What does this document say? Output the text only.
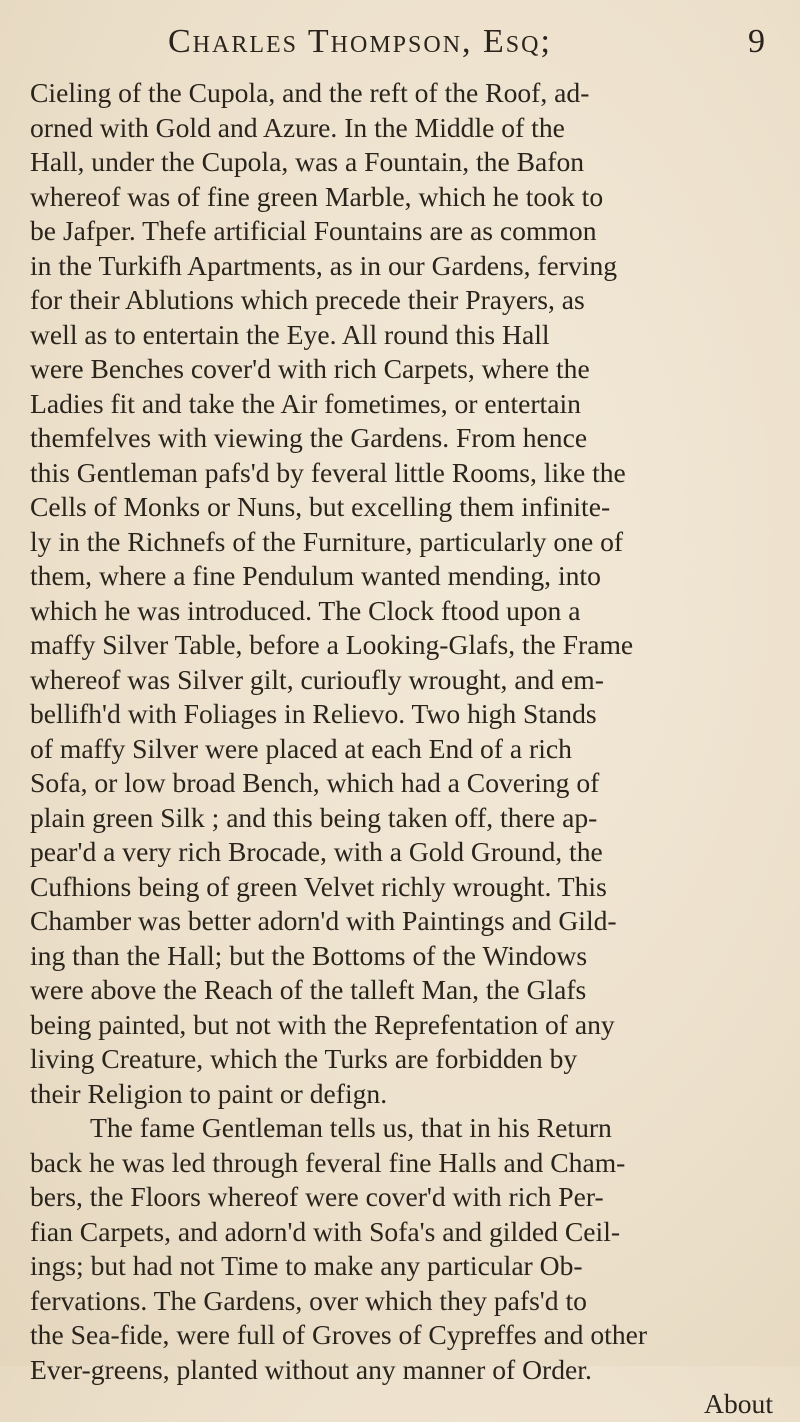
Charles Thompson, Esq;	9
Cieling of the Cupola, and the reft of the Roof, ad-
orned with Gold and Azure. In the Middle of the
Hall, under the Cupola, was a Fountain, the Bafon
whereof was of fine green Marble, which he took to
be Jafper. Thefe artificial Fountains are as common
in the Turkifh Apartments, as in our Gardens, ferving
for their Ablutions which precede their Prayers, as
well as to entertain the Eye. All round this Hall
were Benches cover'd with rich Carpets, where the
Ladies fit and take the Air fometimes, or entertain
themfelves with viewing the Gardens. From hence
this Gentleman pafs'd by feveral little Rooms, like the
Cells of Monks or Nuns, but excelling them infinite-
ly in the Richnefs of the Furniture, particularly one of
them, where a fine Pendulum wanted mending, into
which he was introduced. The Clock ftood upon a
maffy Silver Table, before a Looking-Glafs, the Frame
whereof was Silver gilt, curioufly wrought, and em-
bellifh'd with Foliages in Relievo. Two high Stands
of maffy Silver were placed at each End of a rich
Sofa, or low broad Bench, which had a Covering of
plain green Silk ; and this being taken off, there ap-
pear'd a very rich Brocade, with a Gold Ground, the
Cufhions being of green Velvet richly wrought. This
Chamber was better adorn'd with Paintings and Gild-
ing than the Hall; but the Bottoms of the Windows
were above the Reach of the talleft Man, the Glafs
being painted, but not with the Reprefentation of any
living Creature, which the Turks are forbidden by
their Religion to paint or defign.
The fame Gentleman tells us, that in his Return
back he was led through feveral fine Halls and Cham-
bers, the Floors whereof were cover'd with rich Per-
fian Carpets, and adorn'd with Sofa's and gilded Ceil-
ings; but had not Time to make any particular Ob-
fervations. The Gardens, over which they pafs'd to
the Sea-fide, were full of Groves of Cypreffes and other
Ever-greens, planted without any manner of Order.
About
